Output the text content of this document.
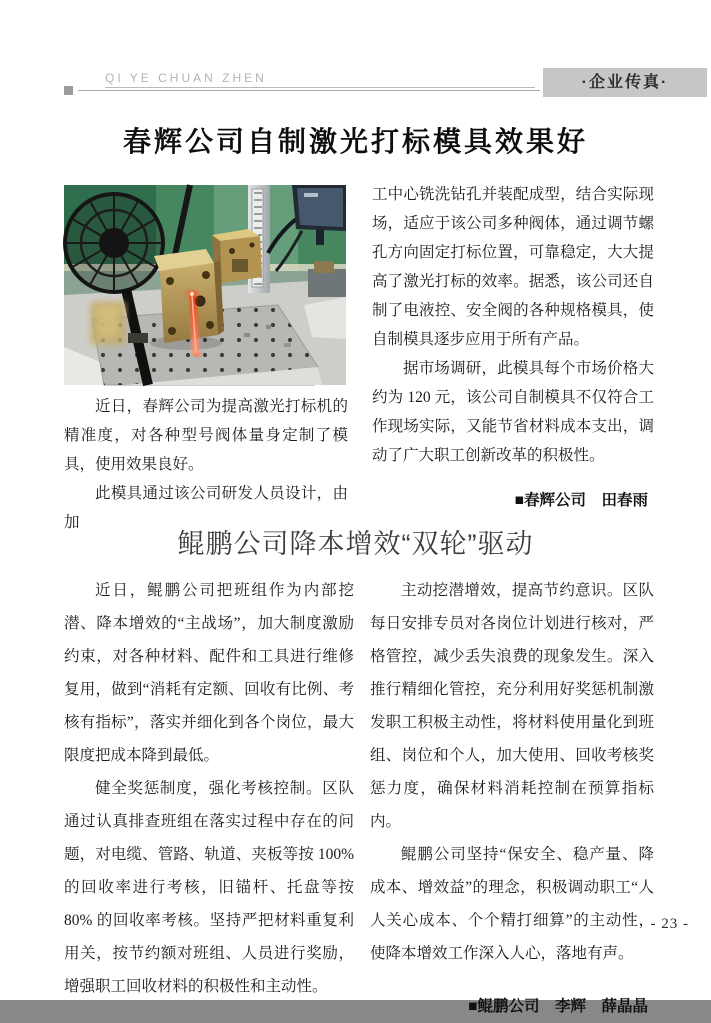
QI YE CHUAN ZHEN	·企业传真·
春辉公司自制激光打标模具效果好

近日，春辉公司为提高激光打标机的精准度，对各种型号阀体量身定制了模具，使用效果良好。

此模具通过该公司研发人员设计，由加

工中心铣洗钻孔并装配成型，结合实际现场，适应于该公司多种阀体，通过调节螺孔方向固定打标位置，可靠稳定，大大提高了激光打标的效率。据悉，该公司还自制了电液控、安全阀的各种规格模具，使自制模具逐步应用于所有产品。

据市场调研，此模具每个市场价格大约为 120 元，该公司自制模具不仅符合工作现场实际，又能节省材料成本支出，调动了广大职工创新改革的积极性。

■春辉公司　田春雨

鲲鹏公司降本增效“双轮”驱动

近日，鲲鹏公司把班组作为内部挖潜、降本增效的“主战场”，加大制度激励约束，对各种材料、配件和工具进行维修复用，做到“消耗有定额、回收有比例、考核有指标”，落实并细化到各个岗位，最大限度把成本降到最低。

健全奖惩制度，强化考核控制。区队通过认真排查班组在落实过程中存在的问题，对电缆、管路、轨道、夹板等按 100% 的回收率进行考核，旧锚杆、托盘等按 80% 的回收率考核。坚持严把材料重复利用关，按节约额对班组、人员进行奖励，增强职工回收材料的积极性和主动性。

主动挖潜增效，提高节约意识。区队每日安排专员对各岗位计划进行核对，严格管控，减少丢失浪费的现象发生。深入推行精细化管控，充分利用好奖惩机制激发职工积极主动性，将材料使用量化到班组、岗位和个人，加大使用、回收考核奖惩力度，确保材料消耗控制在预算指标内。

鲲鹏公司坚持“保安全、稳产量、降成本、增效益”的理念，积极调动职工“人人关心成本、个个精打细算”的主动性，使降本增效工作深入人心，落地有声。

■鲲鹏公司　李辉　薛晶晶

- 23 -
